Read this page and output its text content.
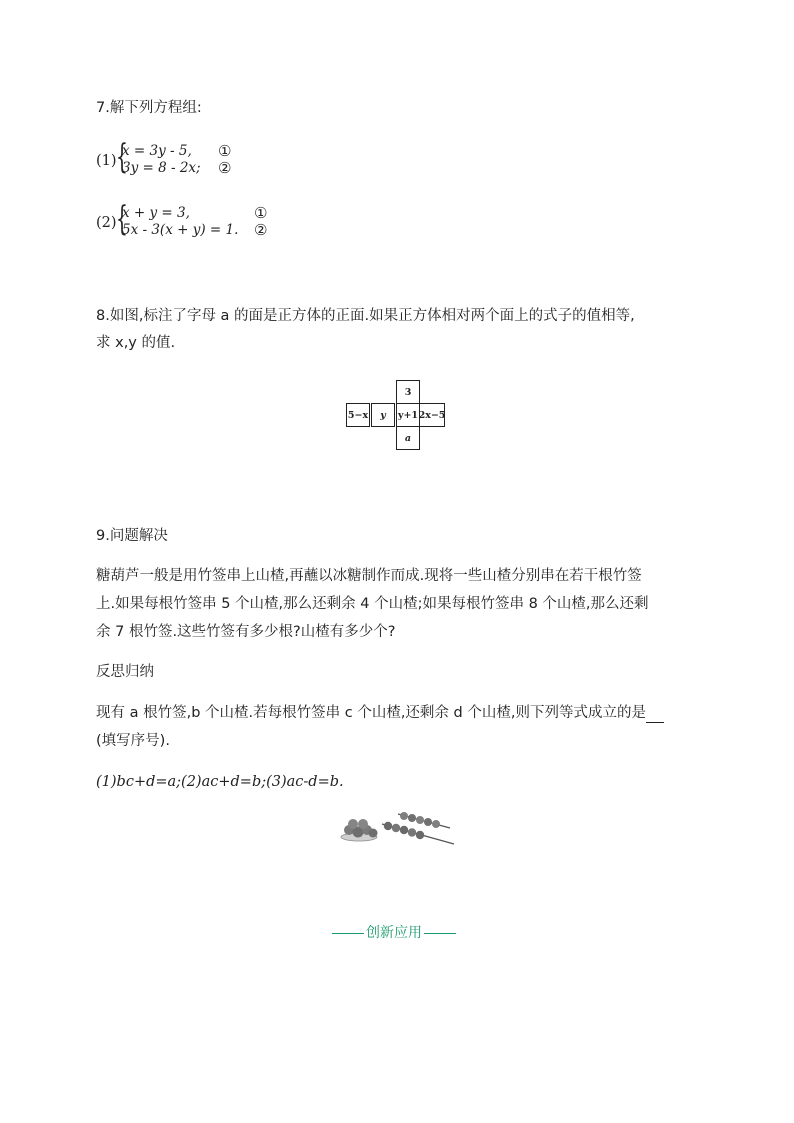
7.解下列方程组:
(1) {
x = 3y - 5,
3y = 8 - 2x;
①
②
(2) {
x + y = 3,
5x - 3(x + y) = 1.
①
②
8.如图,标注了字母 a 的面是正方体的正面.如果正方体相对两个面上的式子的值相等,
求 x,y 的值.
3
5−x	y	y+1 2x−5
a
9.问题解决
糖葫芦一般是用竹签串上山楂,再蘸以冰糖制作而成.现将一些山楂分别串在若干根竹签
上.如果每根竹签串 5 个山楂,那么还剩余 4 个山楂;如果每根竹签串 8 个山楂,那么还剩
余 7 根竹签.这些竹签有多少根?山楂有多少个?
反思归纳
现有 a 根竹签,b 个山楂.若每根竹签串 c 个山楂,还剩余 d 个山楂,则下列等式成立的是
(填写序号).
(1)bc+d=a;(2)ac+d=b;(3)ac-d=b.
创新应用
